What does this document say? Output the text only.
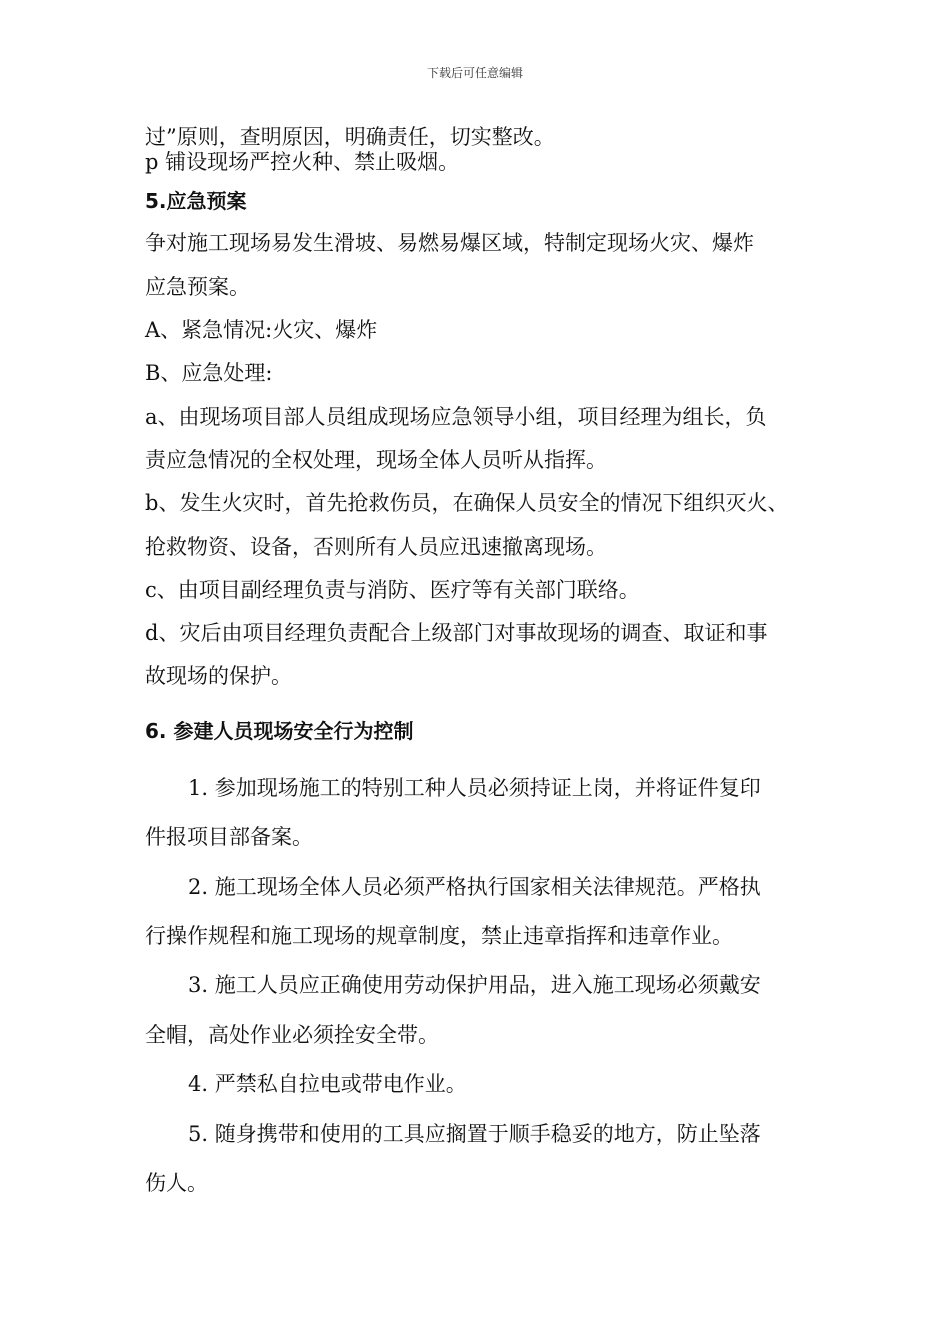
下载后可任意编辑
过”原则，查明原因，明确责任，切实整改。
p 铺设现场严控火种、禁止吸烟。
5.应急预案
争对施工现场易发生滑坡、易燃易爆区域，特制定现场火灾、爆炸
应急预案。
A、紧急情况:火灾、爆炸
B、应急处理:
a、由现场项目部人员组成现场应急领导小组，项目经理为组长，负
责应急情况的全权处理，现场全体人员听从指挥。
b、发生火灾时，首先抢救伤员，在确保人员安全的情况下组织灭火、
抢救物资、设备，否则所有人员应迅速撤离现场。
c、由项目副经理负责与消防、医疗等有关部门联络。
d、灾后由项目经理负责配合上级部门对事故现场的调查、取证和事
故现场的保护。
6. 参建人员现场安全行为控制
1. 参加现场施工的特别工种人员必须持证上岗，并将证件复印
件报项目部备案。
2. 施工现场全体人员必须严格执行国家相关法律规范。严格执
行操作规程和施工现场的规章制度，禁止违章指挥和违章作业。
3. 施工人员应正确使用劳动保护用品，进入施工现场必须戴安
全帽，高处作业必须拴安全带。
4. 严禁私自拉电或带电作业。
5. 随身携带和使用的工具应搁置于顺手稳妥的地方，防止坠落
伤人。
